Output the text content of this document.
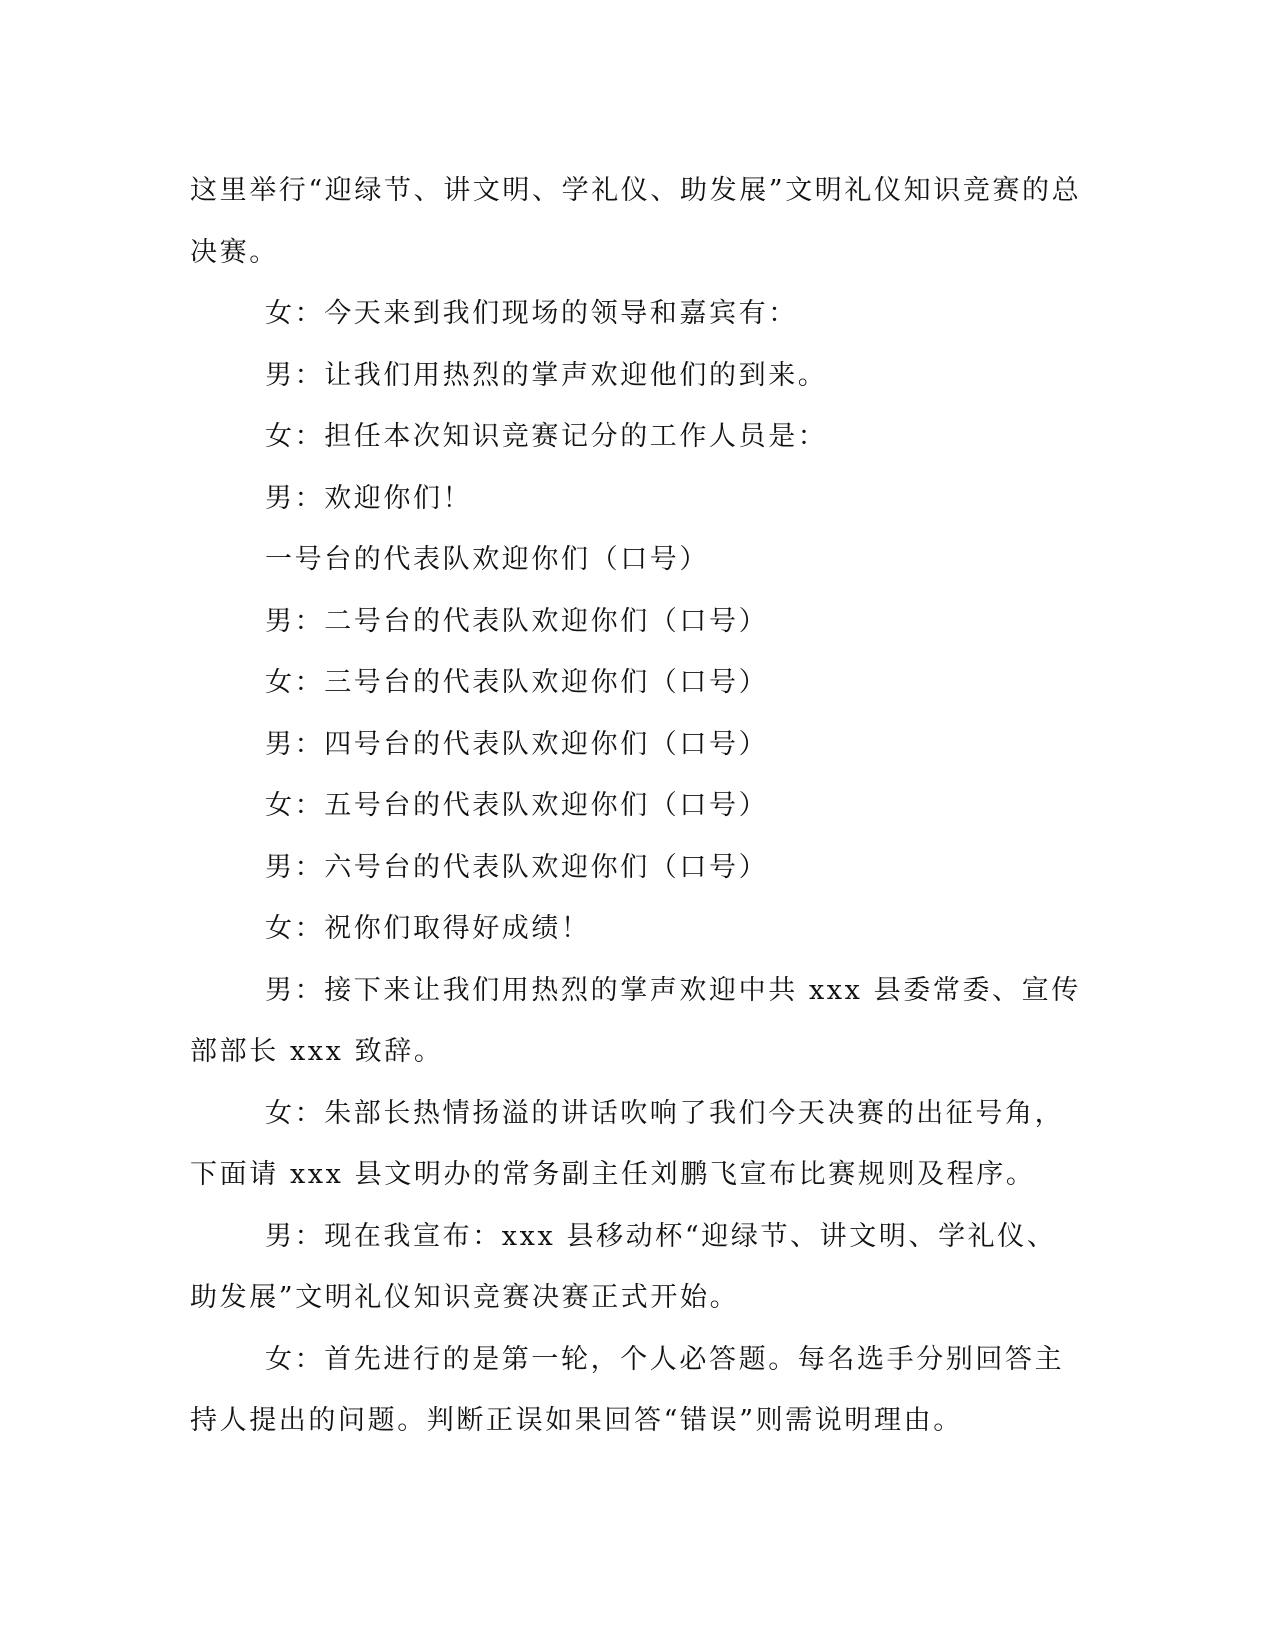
这里举行“迎绿节、讲文明、学礼仪、助发展”文明礼仪知识竞赛的总决赛。

女：今天来到我们现场的领导和嘉宾有：

男：让我们用热烈的掌声欢迎他们的到来。

女：担任本次知识竞赛记分的工作人员是：

男：欢迎你们！

一号台的代表队欢迎你们（口号）

男：二号台的代表队欢迎你们（口号）

女：三号台的代表队欢迎你们（口号）

男：四号台的代表队欢迎你们（口号）

女：五号台的代表队欢迎你们（口号）

男：六号台的代表队欢迎你们（口号）

女：祝你们取得好成绩！

男：接下来让我们用热烈的掌声欢迎中共 xxx 县委常委、宣传部部长 xxx 致辞。

女：朱部长热情扬溢的讲话吹响了我们今天决赛的出征号角，下面请 xxx 县文明办的常务副主任刘鹏飞宣布比赛规则及程序。

男：现在我宣布：xxx 县移动杯“迎绿节、讲文明、学礼仪、助发展”文明礼仪知识竞赛决赛正式开始。

女：首先进行的是第一轮，个人必答题。每名选手分别回答主持人提出的问题。判断正误如果回答“错误”则需说明理由。
